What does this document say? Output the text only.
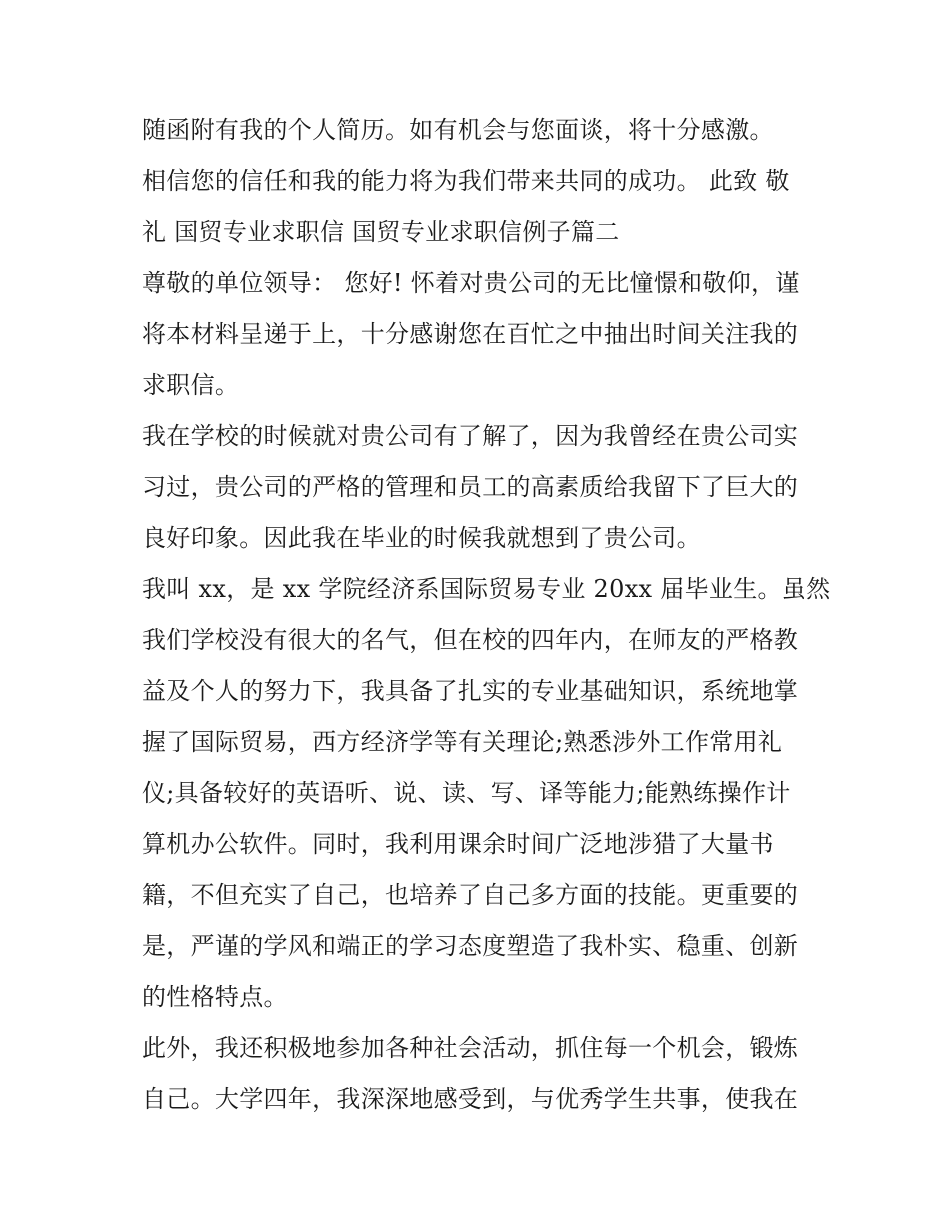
随函附有我的个人简历。如有机会与您面谈，将十分感激。
相信您的信任和我的能力将为我们带来共同的成功。 此致 敬
礼 国贸专业求职信 国贸专业求职信例子篇二
尊敬的单位领导： 您好! 怀着对贵公司的无比憧憬和敬仰，谨
将本材料呈递于上，十分感谢您在百忙之中抽出时间关注我的
求职信。
我在学校的时候就对贵公司有了解了，因为我曾经在贵公司实
习过，贵公司的严格的管理和员工的高素质给我留下了巨大的
良好印象。因此我在毕业的时候我就想到了贵公司。
我叫 xx，是 xx 学院经济系国际贸易专业 20xx 届毕业生。虽然
我们学校没有很大的名气，但在校的四年内，在师友的严格教
益及个人的努力下，我具备了扎实的专业基础知识，系统地掌
握了国际贸易，西方经济学等有关理论;熟悉涉外工作常用礼
仪;具备较好的英语听、说、读、写、译等能力;能熟练操作计
算机办公软件。同时，我利用课余时间广泛地涉猎了大量书
籍，不但充实了自己，也培养了自己多方面的技能。更重要的
是，严谨的学风和端正的学习态度塑造了我朴实、稳重、创新
的性格特点。
此外，我还积极地参加各种社会活动，抓住每一个机会，锻炼
自己。大学四年，我深深地感受到，与优秀学生共事，使我在
